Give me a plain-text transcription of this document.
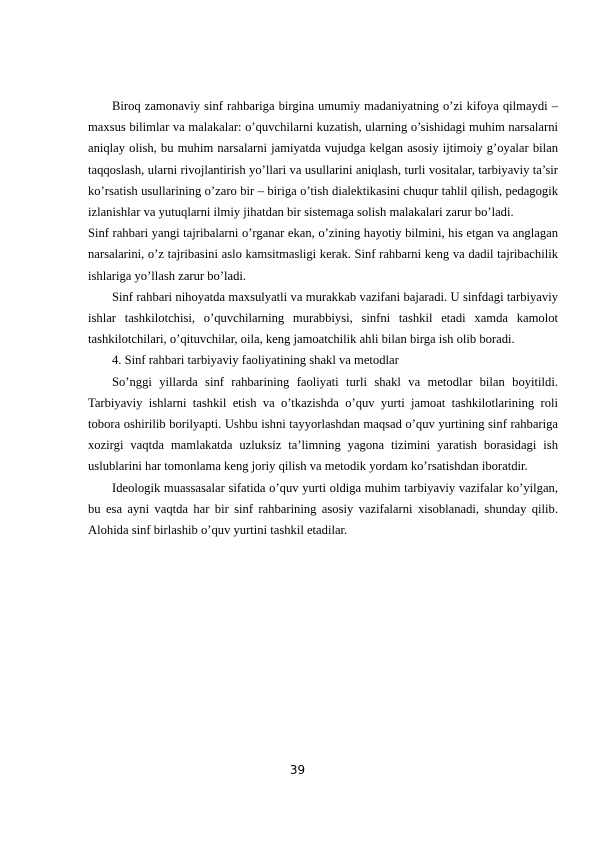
Biroq zamonaviy sinf rahbariga birgina umumiy madaniyatning o’zi kifoya qilmaydi – maxsus bilimlar va malakalar: o’quvchilarni kuzatish, ularning o’sishidagi muhim narsalarni aniqlay olish, bu muhim narsalarni jamiyatda vujudga kelgan asosiy ijtimoiy g’oyalar bilan taqqoslash, ularni rivojlantirish yo’llari va usullarini aniqlash, turli vositalar, tarbiyaviy ta’sir ko’rsatish usullarining o’zaro bir – biriga o’tish dialektikasini chuqur tahlil qilish, pedagogik izlanishlar va yutuqlarni ilmiy jihatdan bir sistemaga solish malakalari zarur bo’ladi.

Sinf rahbari yangi tajribalarni o’rganar ekan, o’zining hayotiy bilmini, his etgan va anglagan narsalarini, o’z tajribasini aslo kamsitmasligi kerak. Sinf rahbarni keng va dadil tajribachilik ishlariga yo’llash zarur bo’ladi.

Sinf rahbari nihoyatda maxsulyatli va murakkab vazifani bajaradi. U sinfdagi tarbiyaviy ishlar tashkilotchisi, o’quvchilarning murabbiysi, sinfni tashkil etadi xamda kamolot tashkilotchilari, o’qituvchilar, oila, keng jamoatchilik ahli bilan birga ish olib boradi.

4. Sinf rahbari tarbiyaviy faoliyatining shakl va metodlar

So’nggi yillarda sinf rahbarining faoliyati turli shakl va metodlar bilan boyitildi. Tarbiyaviy ishlarni tashkil etish va o’tkazishda o’quv yurti jamoat tashkilotlarining roli tobora oshirilib borilyapti. Ushbu ishni tayyorlashdan maqsad o’quv yurtining sinf rahbariga xozirgi vaqtda mamlakatda uzluksiz ta’limning yagona tizimini yaratish borasidagi ish uslublarini har tomonlama keng joriy qilish va metodik yordam ko’rsatishdan iboratdir.

Ideologik muassasalar sifatida o’quv yurti oldiga muhim tarbiyaviy vazifalar ko’yilgan, bu esa ayni vaqtda har bir sinf rahbarining asosiy vazifalarni xisoblanadi, shunday qilib. Alohida sinf birlashib o’quv yurtini tashkil etadilar.

39
